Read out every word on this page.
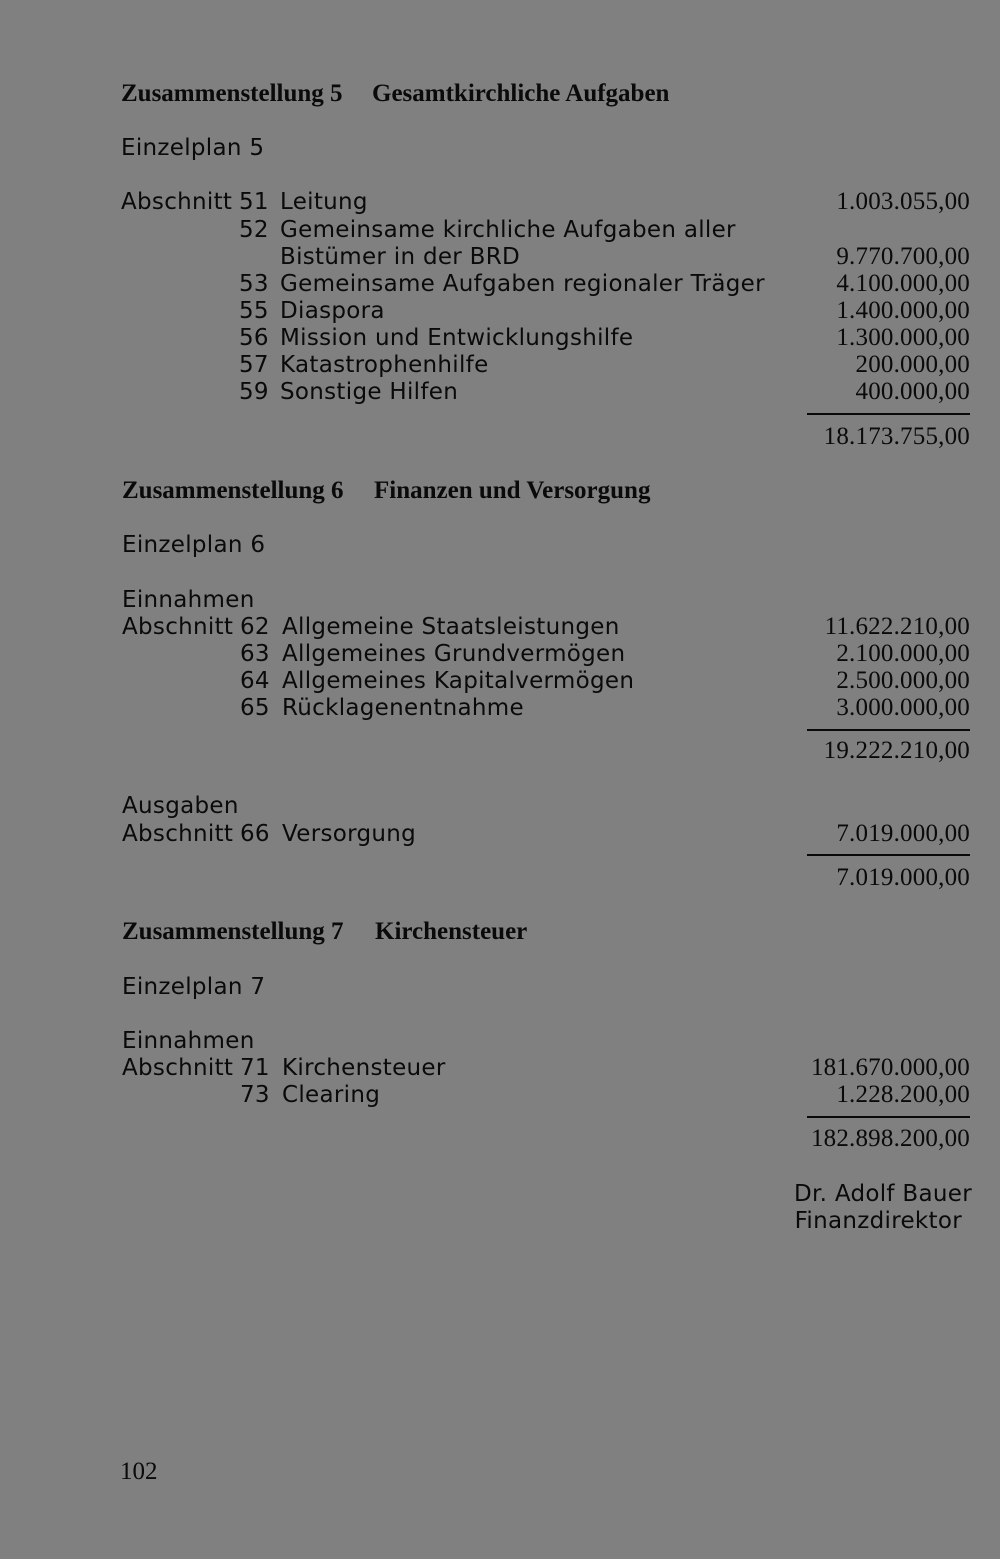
Zusammenstellung 5 Gesamtkirchliche Aufgaben
Einzelplan 5
Abschnitt 51 Leitung	1.003.055,00
52 Gemeinsame kirchliche Aufgaben aller
Bistümer in der BRD	9.770.700,00
53 Gemeinsame Aufgaben regionaler Träger	4.100.000,00
55 Diaspora	1.400.000,00
56 Mission und Entwicklungshilfe	1.300.000,00
57 Katastrophenhilfe	200.000,00
59 Sonstige Hilfen	400.000,00
18.173.755,00
Zusammenstellung 6 Finanzen und Versorgung
Einzelplan 6
Einnahmen
Abschnitt 62 Allgemeine Staatsleistungen	11.622.210,00
63 Allgemeines Grundvermögen	2.100.000,00
64 Allgemeines Kapitalvermögen	2.500.000,00
65 Rücklagenentnahme	3.000.000,00
19.222.210,00
Ausgaben
Abschnitt 66 Versorgung	7.019.000,00
7.019.000,00
Zusammenstellung 7 Kirchensteuer
Einzelplan 7
Einnahmen
Abschnitt 71 Kirchensteuer	181.670.000,00
73 Clearing	1.228.200,00
182.898.200,00
Dr. Adolf Bauer
Finanzdirektor
102
